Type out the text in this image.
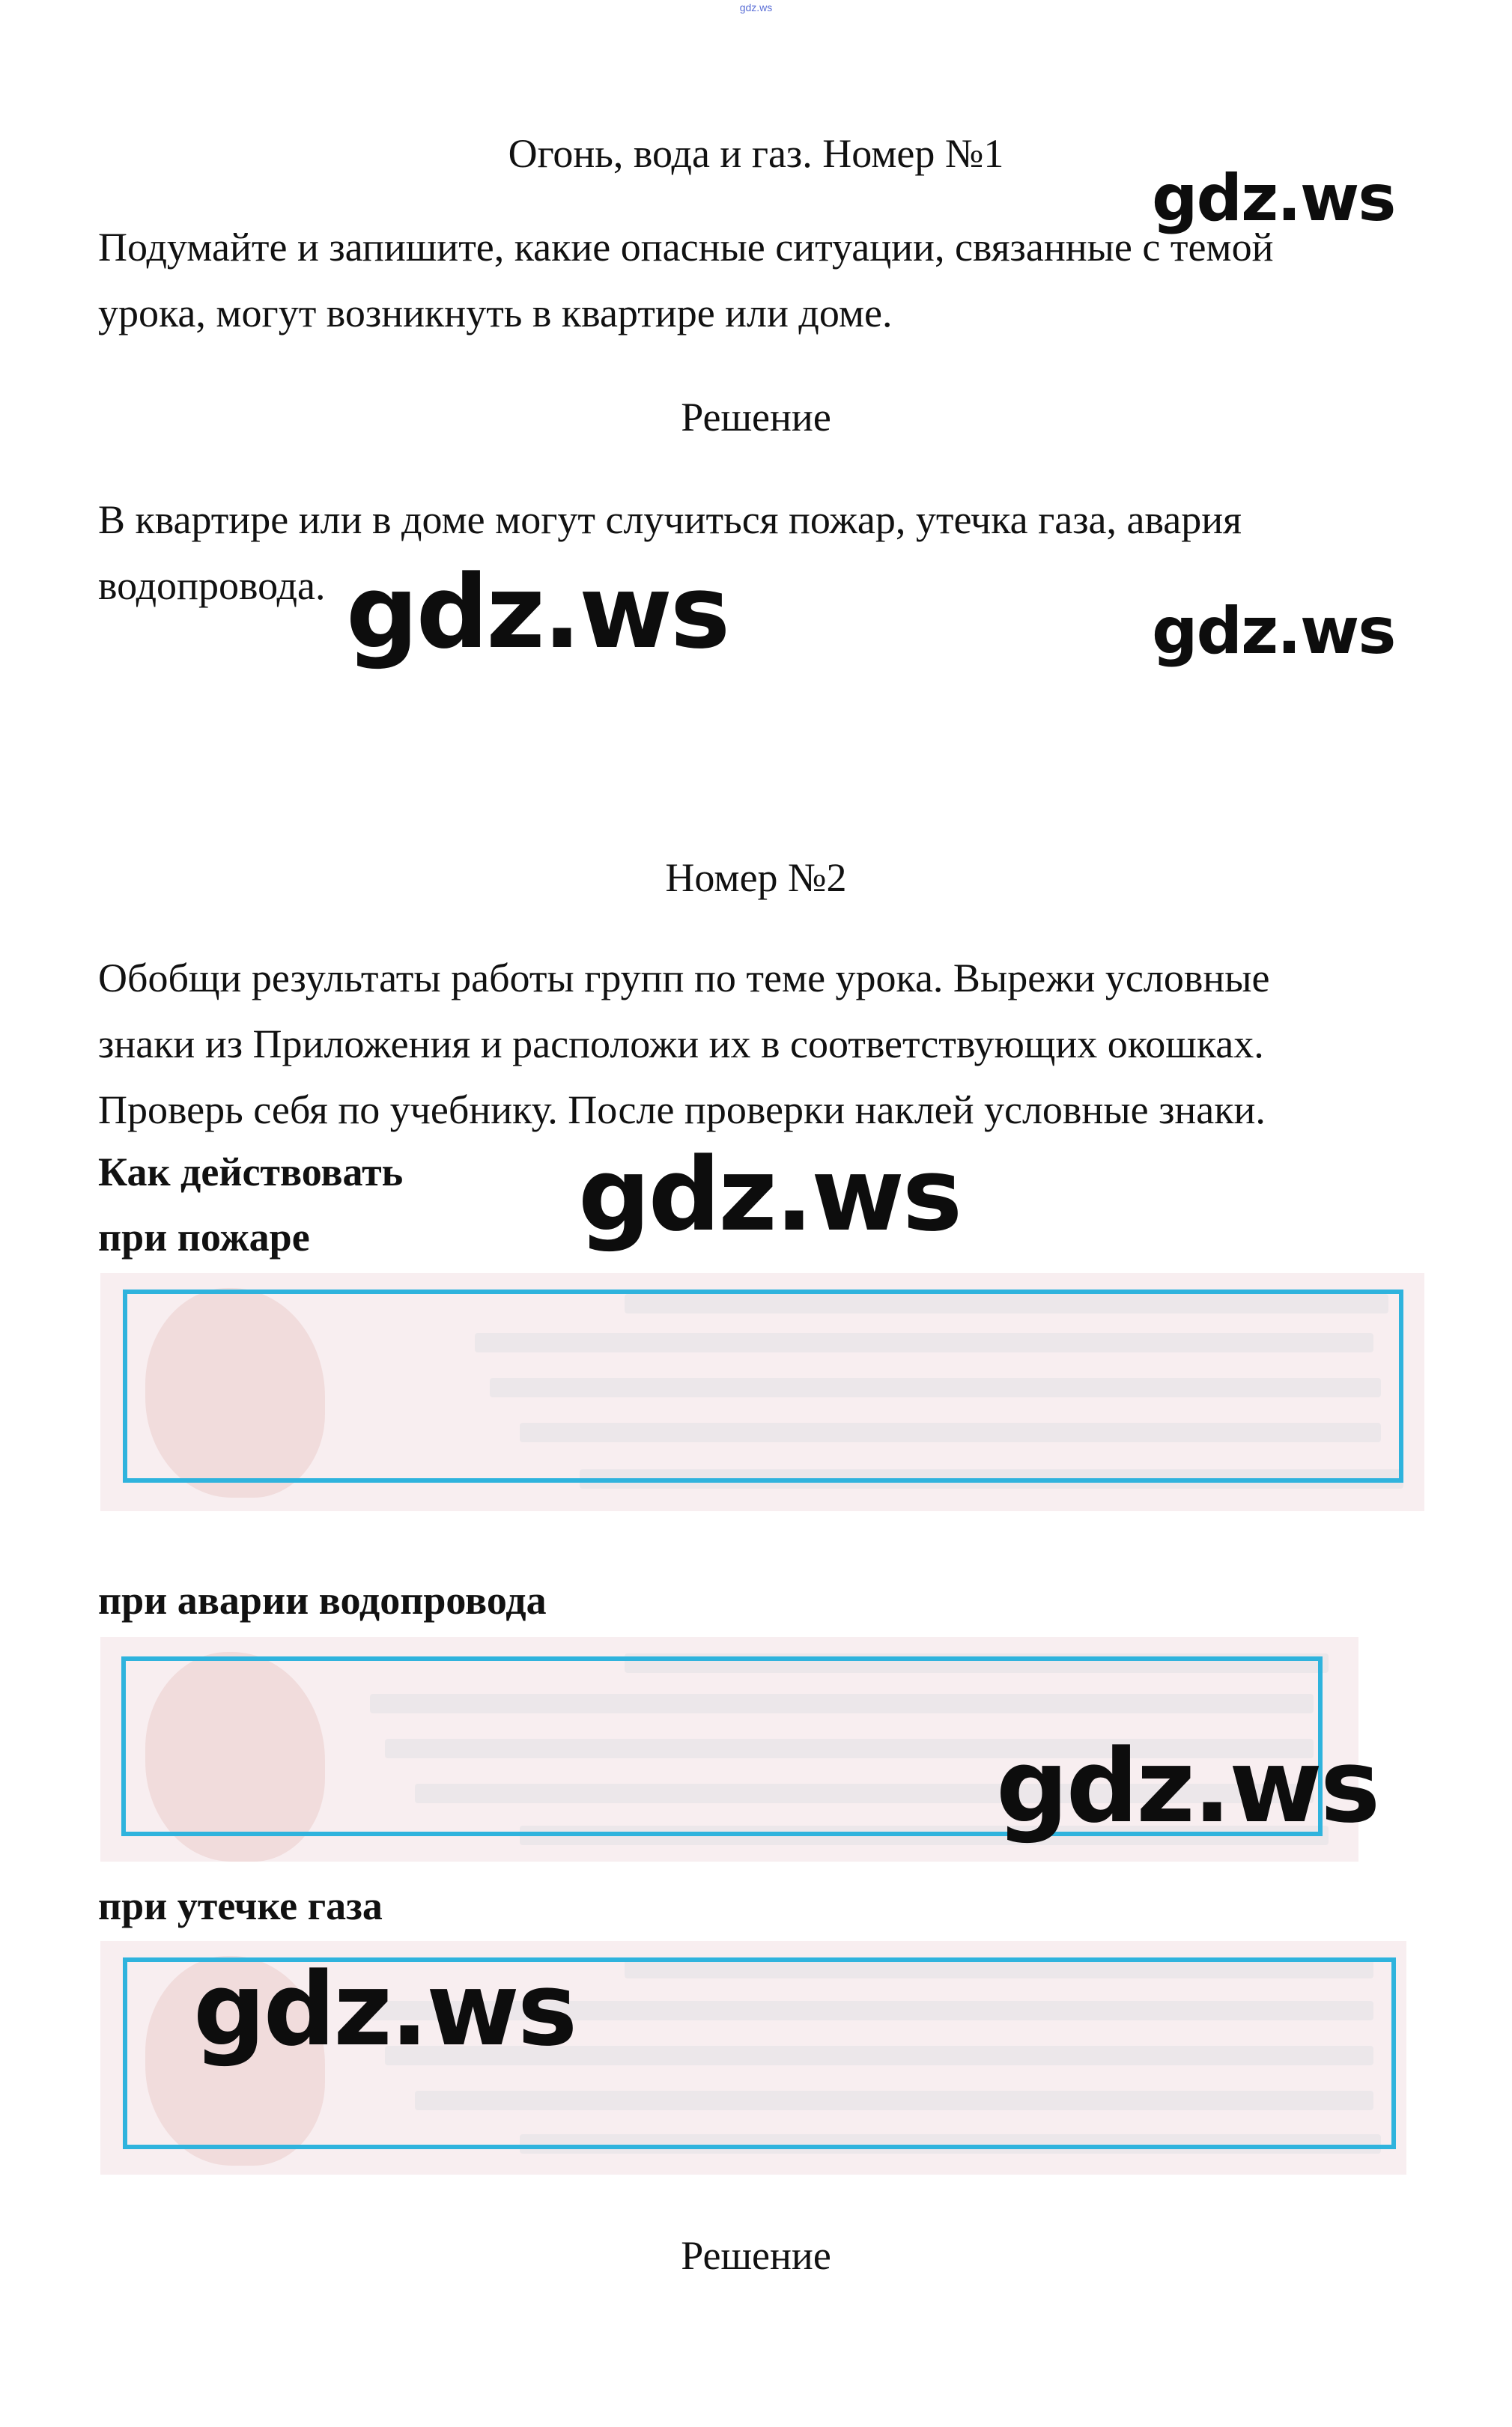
gdz.ws
Огонь, вода и газ. Номер №1
gdz.ws
Подумайте и запишите, какие опасные ситуации, связанные с темой
урока, могут возникнуть в квартире или доме.
Решение
В квартире или в доме могут случиться пожар, утечка газа, авария
водопровода. gdz.ws	gdz.ws
Номер №2
Обобщи результаты работы групп по теме урока. Вырежи условные
знаки из Приложения и расположи их в соответствующих окошках.
Проверь себя по учебнику. После проверки наклей условные знаки.
Как действовать
при пожаре	gdz.ws
при аварии водопровода
gdz.ws
при утечке газа
gdz.ws
Решение
